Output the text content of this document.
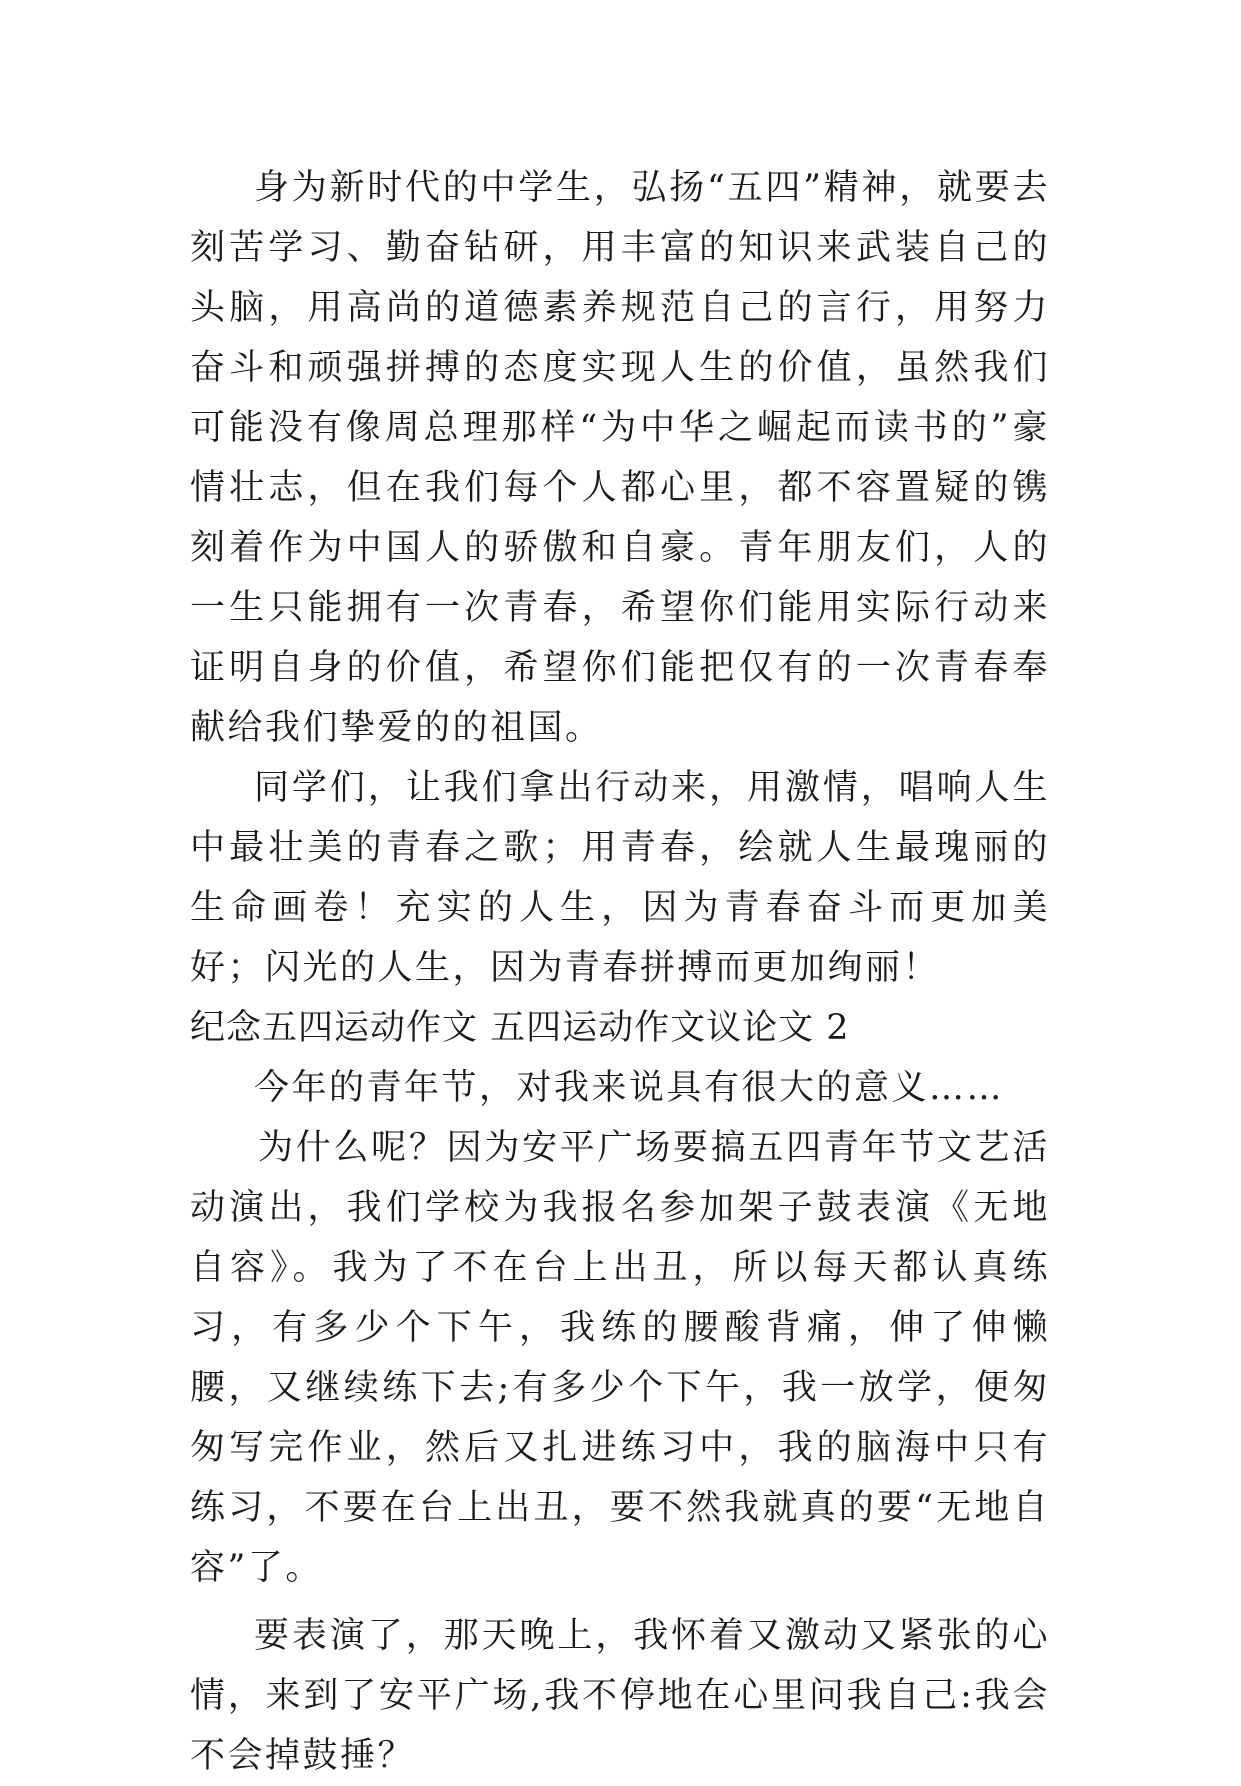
身为新时代的中学生，弘扬“五四”精神，就要去刻苦学习、勤奋钻研，用丰富的知识来武装自己的头脑，用高尚的道德素养规范自己的言行，用努力奋斗和顽强拼搏的态度实现人生的价值，虽然我们可能没有像周总理那样“为中华之崛起而读书的”豪情壮志，但在我们每个人都心里，都不容置疑的镌刻着作为中国人的骄傲和自豪。青年朋友们，人的一生只能拥有一次青春，希望你们能用实际行动来证明自身的价值，希望你们能把仅有的一次青春奉献给我们挚爱的的祖国。

同学们，让我们拿出行动来，用激情，唱响人生中最壮美的青春之歌；用青春，绘就人生最瑰丽的生命画卷！充实的人生，因为青春奋斗而更加美好；闪光的人生，因为青春拼搏而更加绚丽！

纪念五四运动作文 五四运动作文议论文 2

今年的青年节，对我来说具有很大的意义……

为什么呢？因为安平广场要搞五四青年节文艺活动演出，我们学校为我报名参加架子鼓表演《无地自容》。我为了不在台上出丑，所以每天都认真练习，有多少个下午，我练的腰酸背痛，伸了伸懒腰，又继续练下去;有多少个下午，我一放学，便匆匆写完作业，然后又扎进练习中，我的脑海中只有练习，不要在台上出丑，要不然我就真的要“无地自容”了。

要表演了，那天晚上，我怀着又激动又紧张的心情，来到了安平广场,我不停地在心里问我自己:我会不会掉鼓捶？
